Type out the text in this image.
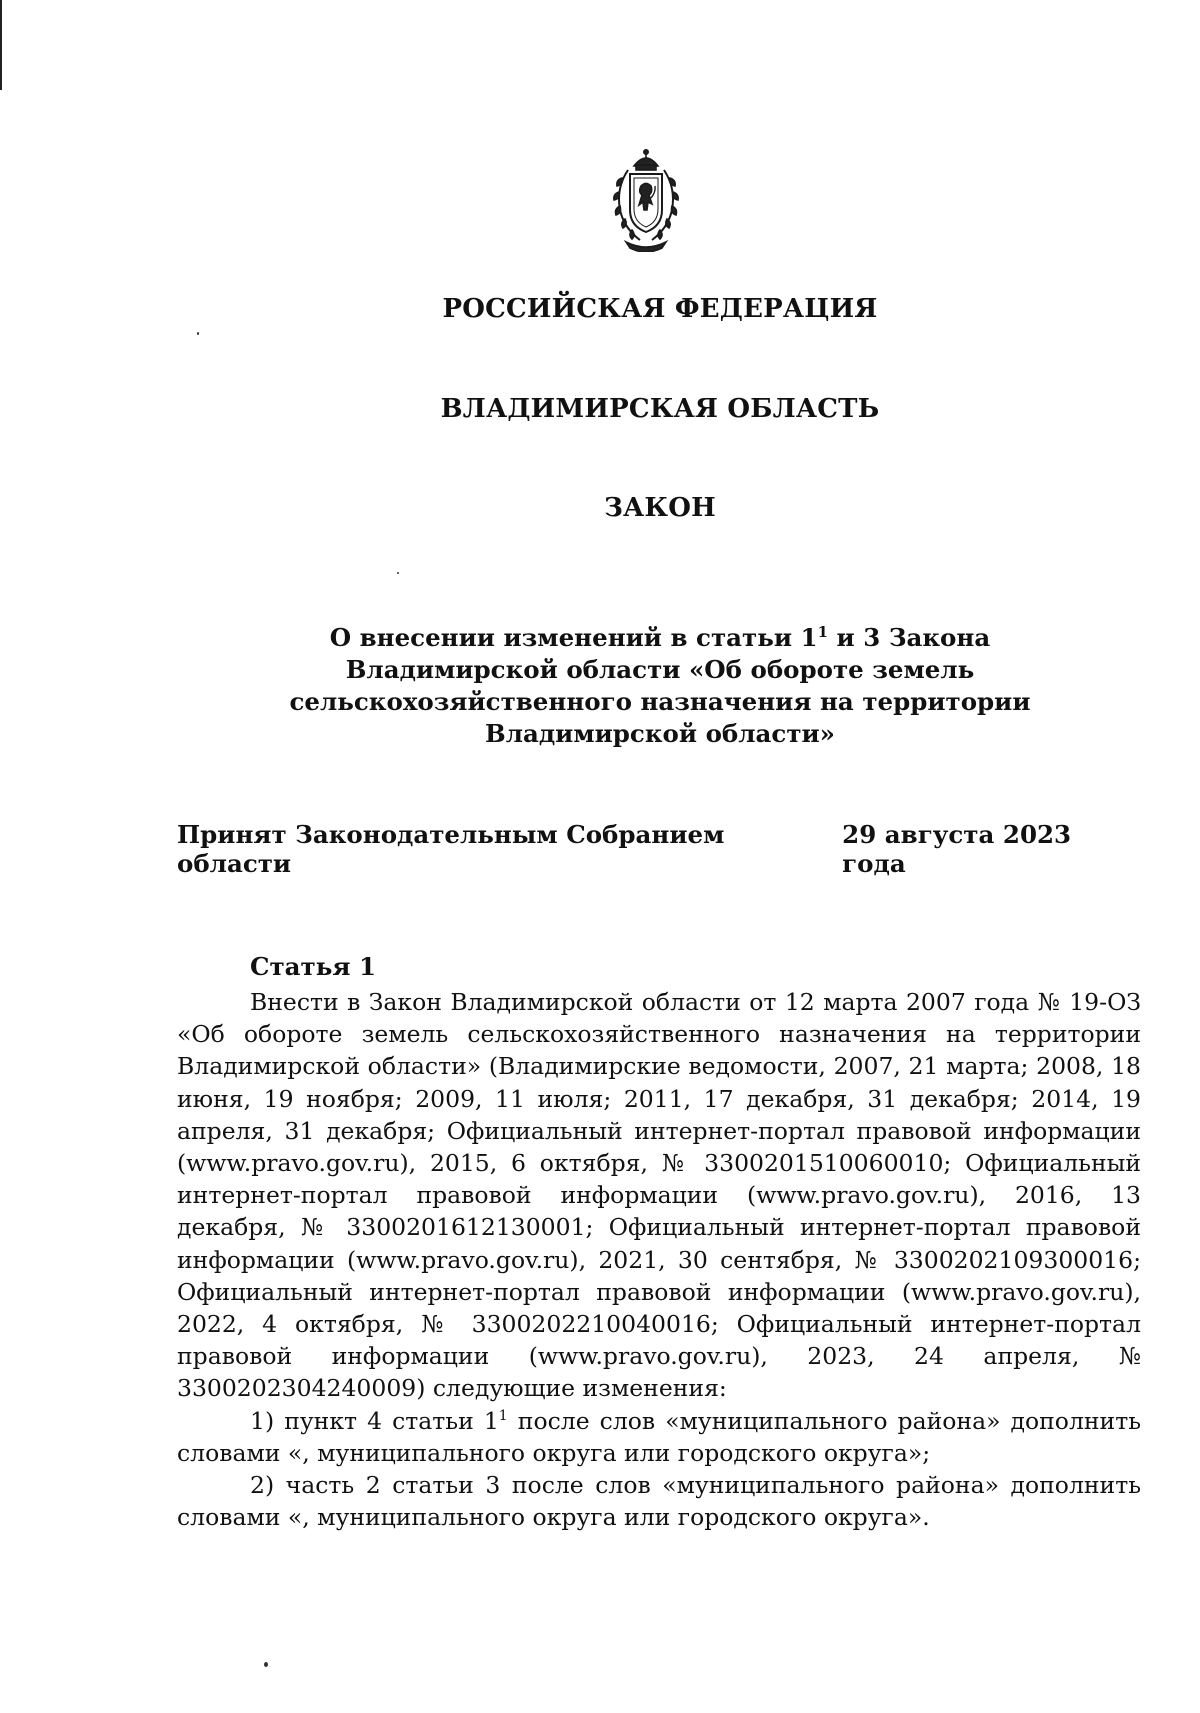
РОССИЙСКАЯ ФЕДЕРАЦИЯ
ВЛАДИМИРСКАЯ ОБЛАСТЬ
ЗАКОН
О внесении изменений в статьи $1^1$ и 3 Закона
Владимирской области «Об обороте земель
сельскохозяйственного назначения на территории
Владимирской области»
Принят Законодательным Собранием области
29 августа 2023 года
Статья 1

Внести в Закон Владимирской области от 12 марта 2007 года № 19-ОЗ «Об обороте земель сельскохозяйственного назначения на территории Владимирской области» (Владимирские ведомости, 2007, 21 марта; 2008, 18 июня, 19 ноября; 2009, 11 июля; 2011, 17 декабря, 31 декабря; 2014, 19 апреля, 31 декабря; Официальный интернет-портал правовой информации (www.pravo.gov.ru), 2015, 6 октября, № 3300201510060010; Официальный интернет-портал правовой информации (www.pravo.gov.ru), 2016, 13 декабря, № 3300201612130001; Официальный интернет-портал правовой информации (www.pravo.gov.ru), 2021, 30 сентября, № 3300202109300016; Официальный интернет-портал правовой информации (www.pravo.gov.ru), 2022, 4 октября, № 3300202210040016; Официальный интернет-портал правовой информации (www.pravo.gov.ru), 2023, 24 апреля, № 3300202304240009) следующие изменения:

1) пункт 4 статьи $1^1$ после слов «муниципального района» дополнить словами «, муниципального округа или городского округа»;

2) часть 2 статьи 3 после слов «муниципального района» дополнить словами «, муниципального округа или городского округа».
